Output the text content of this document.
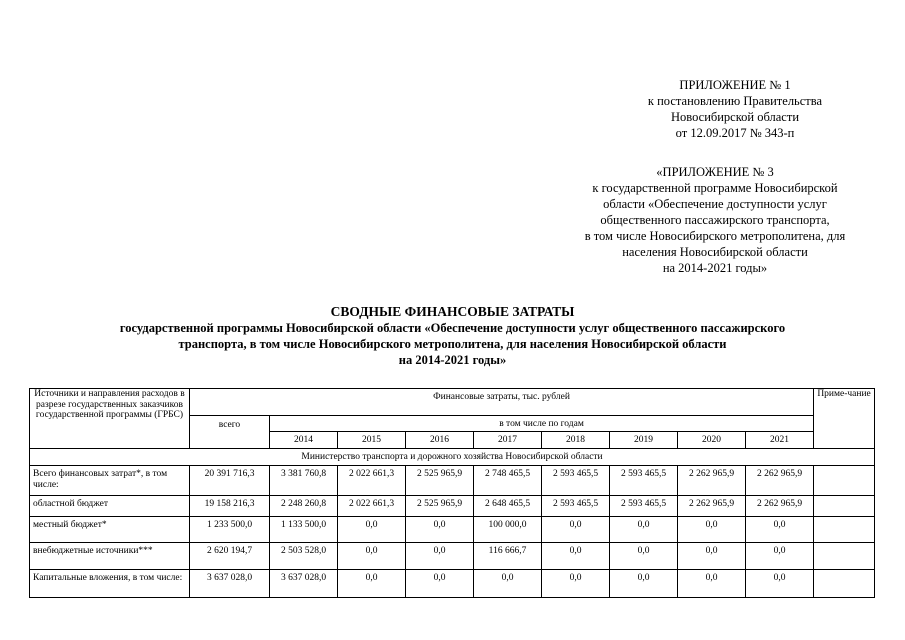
ПРИЛОЖЕНИЕ № 1
к постановлению Правительства
Новосибирской области
от 12.09.2017 № 343-п
«ПРИЛОЖЕНИЕ № 3
к государственной программе Новосибирской
области «Обеспечение доступности услуг
общественного пассажирского транспорта,
в том числе Новосибирского метрополитена, для
населения Новосибирской области
на 2014-2021 годы»
СВОДНЫЕ ФИНАНСОВЫЕ ЗАТРАТЫ
государственной программы Новосибирской области «Обеспечение доступности услуг общественного пассажирского
транспорта, в том числе Новосибирского метрополитена, для населения Новосибирской области
на 2014-2021 годы»
Источники и направления расходов в разрезе государственных заказчиков государственной программы (ГРБС)	Финансовые затраты, тыс. рублей									Приме-чание
	всего	в том числе по годам								
		2014	2015	2016	2017	2018	2019	2020	2021	
Министерство транспорта и дорожного хозяйства Новосибирской области										
Всего финансовых затрат*, в том числе:	20 391 716,3	3 381 760,8	2 022 661,3	2 525 965,9	2 748 465,5	2 593 465,5	2 593 465,5	2 262 965,9	2 262 965,9	
областной бюджет	19 158 216,3	2 248 260,8	2 022 661,3	2 525 965,9	2 648 465,5	2 593 465,5	2 593 465,5	2 262 965,9	2 262 965,9	
местный бюджет*	1 233 500,0	1 133 500,0	0,0	0,0	100 000,0	0,0	0,0	0,0	0,0	
внебюджетные источники***	2 620 194,7	2 503 528,0	0,0	0,0	116 666,7	0,0	0,0	0,0	0,0	
Капитальные вложения, в том числе:	3 637 028,0	3 637 028,0	0,0	0,0	0,0	0,0	0,0	0,0	0,0	
